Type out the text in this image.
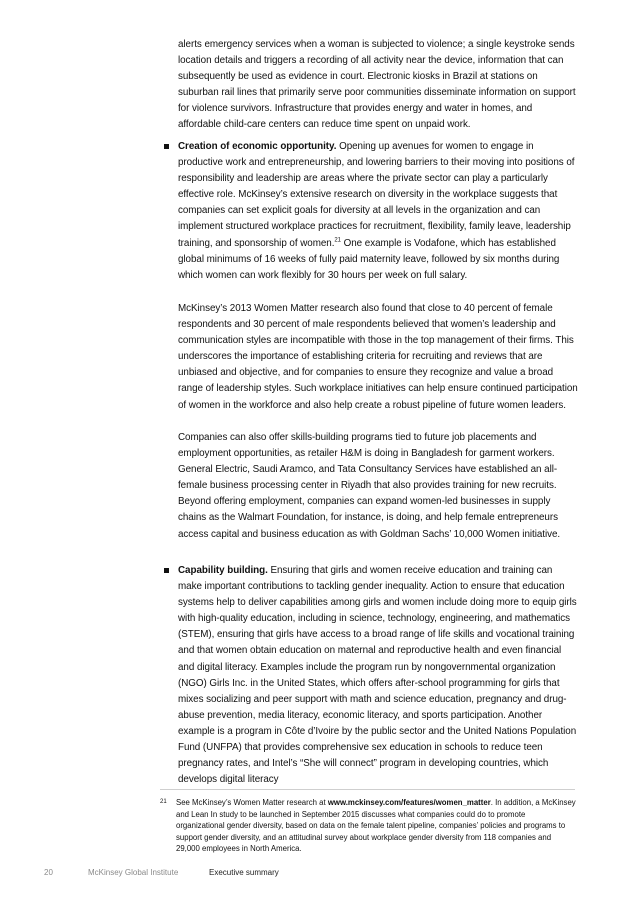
alerts emergency services when a woman is subjected to violence; a single keystroke sends location details and triggers a recording of all activity near the device, information that can subsequently be used as evidence in court. Electronic kiosks in Brazil at stations on suburban rail lines that primarily serve poor communities disseminate information on support for violence survivors. Infrastructure that provides energy and water in homes, and affordable child-care centers can reduce time spent on unpaid work.

Creation of economic opportunity. Opening up avenues for women to engage in productive work and entrepreneurship, and lowering barriers to their moving into positions of responsibility and leadership are areas where the private sector can play a particularly effective role. McKinsey’s extensive research on diversity in the workplace suggests that companies can set explicit goals for diversity at all levels in the organization and can implement structured workplace practices for recruitment, flexibility, family leave, leadership training, and sponsorship of women.$^{21}$ One example is Vodafone, which has established global minimums of 16 weeks of fully paid maternity leave, followed by six months during which women can work flexibly for 30 hours per week on full salary.

McKinsey’s 2013 Women Matter research also found that close to 40 percent of female respondents and 30 percent of male respondents believed that women’s leadership and communication styles are incompatible with those in the top management of their firms. This underscores the importance of establishing criteria for recruiting and reviews that are unbiased and objective, and for companies to ensure they recognize and value a broad range of leadership styles. Such workplace initiatives can help ensure continued participation of women in the workforce and also help create a robust pipeline of future women leaders.

Companies can also offer skills-building programs tied to future job placements and employment opportunities, as retailer H&M is doing in Bangladesh for garment workers. General Electric, Saudi Aramco, and Tata Consultancy Services have established an all-female business processing center in Riyadh that also provides training for new recruits. Beyond offering employment, companies can expand women-led businesses in supply chains as the Walmart Foundation, for instance, is doing, and help female entrepreneurs access capital and business education as with Goldman Sachs’ 10,000 Women initiative.

Capability building. Ensuring that girls and women receive education and training can make important contributions to tackling gender inequality. Action to ensure that education systems help to deliver capabilities among girls and women include doing more to equip girls with high-quality education, including in science, technology, engineering, and mathematics (STEM), ensuring that girls have access to a broad range of life skills and vocational training and that women obtain education on maternal and reproductive health and even financial and digital literacy. Examples include the program run by nongovernmental organization (NGO) Girls Inc. in the United States, which offers after-school programming for girls that mixes socializing and peer support with math and science education, pregnancy and drug-abuse prevention, media literacy, economic literacy, and sports participation. Another example is a program in Côte d’Ivoire by the public sector and the United Nations Population Fund (UNFPA) that provides comprehensive sex education in schools to reduce teen pregnancy rates, and Intel’s “She will connect” program in developing countries, which develops digital literacy
21 See McKinsey’s Women Matter research at www.mckinsey.com/features/women_matter. In addition, a McKinsey and Lean In study to be launched in September 2015 discusses what companies could do to promote organizational gender diversity, based on data on the female talent pipeline, companies’ policies and programs to support gender diversity, and an attitudinal survey about workplace gender diversity from 118 companies and 29,000 employees in North America.
20	McKinsey Global Institute	Executive summary
